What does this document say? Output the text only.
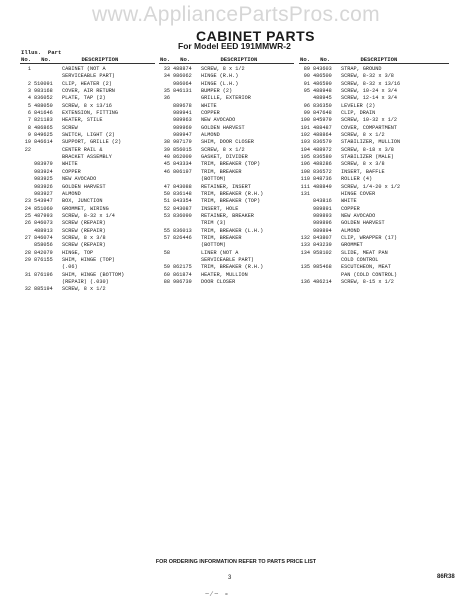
www.AppliancePartsPros.com
CABINET PARTS
For Model EED 191MMWR-2
Illus. Part
No. No.	DESCRIPTION	No. No.	DESCRIPTION	No. No.	DESCRIPTION
1	CABINET (NOT A
SERVICEABLE PART)
2 510091	CLIP, HEATER (2)
3 983168	COVER, AIR RETURN
4 836052	PLATE, TAP (2)
5 488050	SCREW, 8 x 13/16
6 841646	EXTENSION, FITTING
7 821183	HEATER, STILE
8 486865	SCREW
9 849625	SWITCH, LIGHT (2)
19 846614	SUPPORT, GRILLE (2)
22	CENTER RAIL &
BRACKET ASSEMBLY
983979	WHITE
983924	COPPER
983925	NEW AVOCADO
983926	GOLDEN HARVEST
983927	ALMOND
23 543947	BOX, JUNCTION
24 851060	GROMMET, WIRING
25 487993	SCREW, 8-32 x 1/4
26 846073	SCREW (REPAIR)
488913	SCREW (REPAIR)
27 846074	SCREW, 8 x 3/8
858056	SCREW (REPAIR)
28 842079	HINGE, TOP
29 876155	SHIM, HINGE (TOP)
(.06)
31 876196	SHIM, HINGE (BOTTOM)
(REPAIR) (.030)
32 885194	SCREW, 8 x 1/2
33 488874	SCREW, 8 x 1/2
34 986062	HINGE (R.H.)
986064	HINGE (L.H.)
35 846131	BUMPER (2)
36	GRILLE, EXTERIOR
889678	WHITE
989941	COPPER
989963	NEW AVOCADO
989969	GOLDEN HARVEST
989947	ALMOND
38 987179	SHIM, DOOR CLOSER
39 856015	SCREW, 8 x 1/2
40 862009	GASKET, DIVIDER
45 843334	TRIM, BREAKER (TOP)
46 806197	TRIM, BREAKER
(BOTTOM)
47 843088	RETAINER, INSERT
50 836148	TRIM, BREAKER (R.H.)
51 843354	TRIM, BREAKER (TOP)
52 843087	INSERT, HOLE
53 836090	RETAINER, BREAKER
TRIM (3)
55 836013	TRIM, BREAKER (L.H.)
57 826446	TRIM, BREAKER
(BOTTOM)
58	LINER (NOT A
SERVICEABLE PART)
59 862175	TRIM, BREAKER (R.H.)
60 861874	HEATER, MULLION
88 986739	DOOR CLOSER
89 843603	STRAP, GROUND
90 486500	SCREW, 8-32 x 3/8
91 486590	SCREW, 8-32 x 13/16
95 488948	SCREW, 10-24 x 3/4
488945	SCREW, 12-14 x 3/4
96 836350	LEVELER (2)
99 847648	CLIP, DRAIN
100 845979	SCREW, 10-32 x 1/2
101 488487	COVER, COMPARTMENT
102 488864	SCREW, 8 x 1/2
103 836579	STABILIZER, MULLION
104 488972	SCREW, 8-18 x 3/8
105 836580	STABILIZER (MALE)
106 488286	SCREW, 8 x 3/8
108 836572	INSERT, BAFFLE
110 848736	ROLLER (4)
111 488849	SCREW, 1/4-20 x 1/2
131	HINGE COVER
843816	WHITE
989891	COPPER
989893	NEW AVOCADO
989896	GOLDEN HARVEST
989894	ALMOND
132 843807	CLIP, WRAPPER (17)
133 843239	GROMMET
134 958102	SLIDE, MEAT PAN
COLD CONTROL
135 985468	ESCUTCHEON, MEAT
PAN (COLD CONTROL)
136 486214	SCREW, 8-15 x 1/2
FOR ORDERING INFORMATION REFER TO PARTS PRICE LIST
3	86R38
~∕~ ∘
